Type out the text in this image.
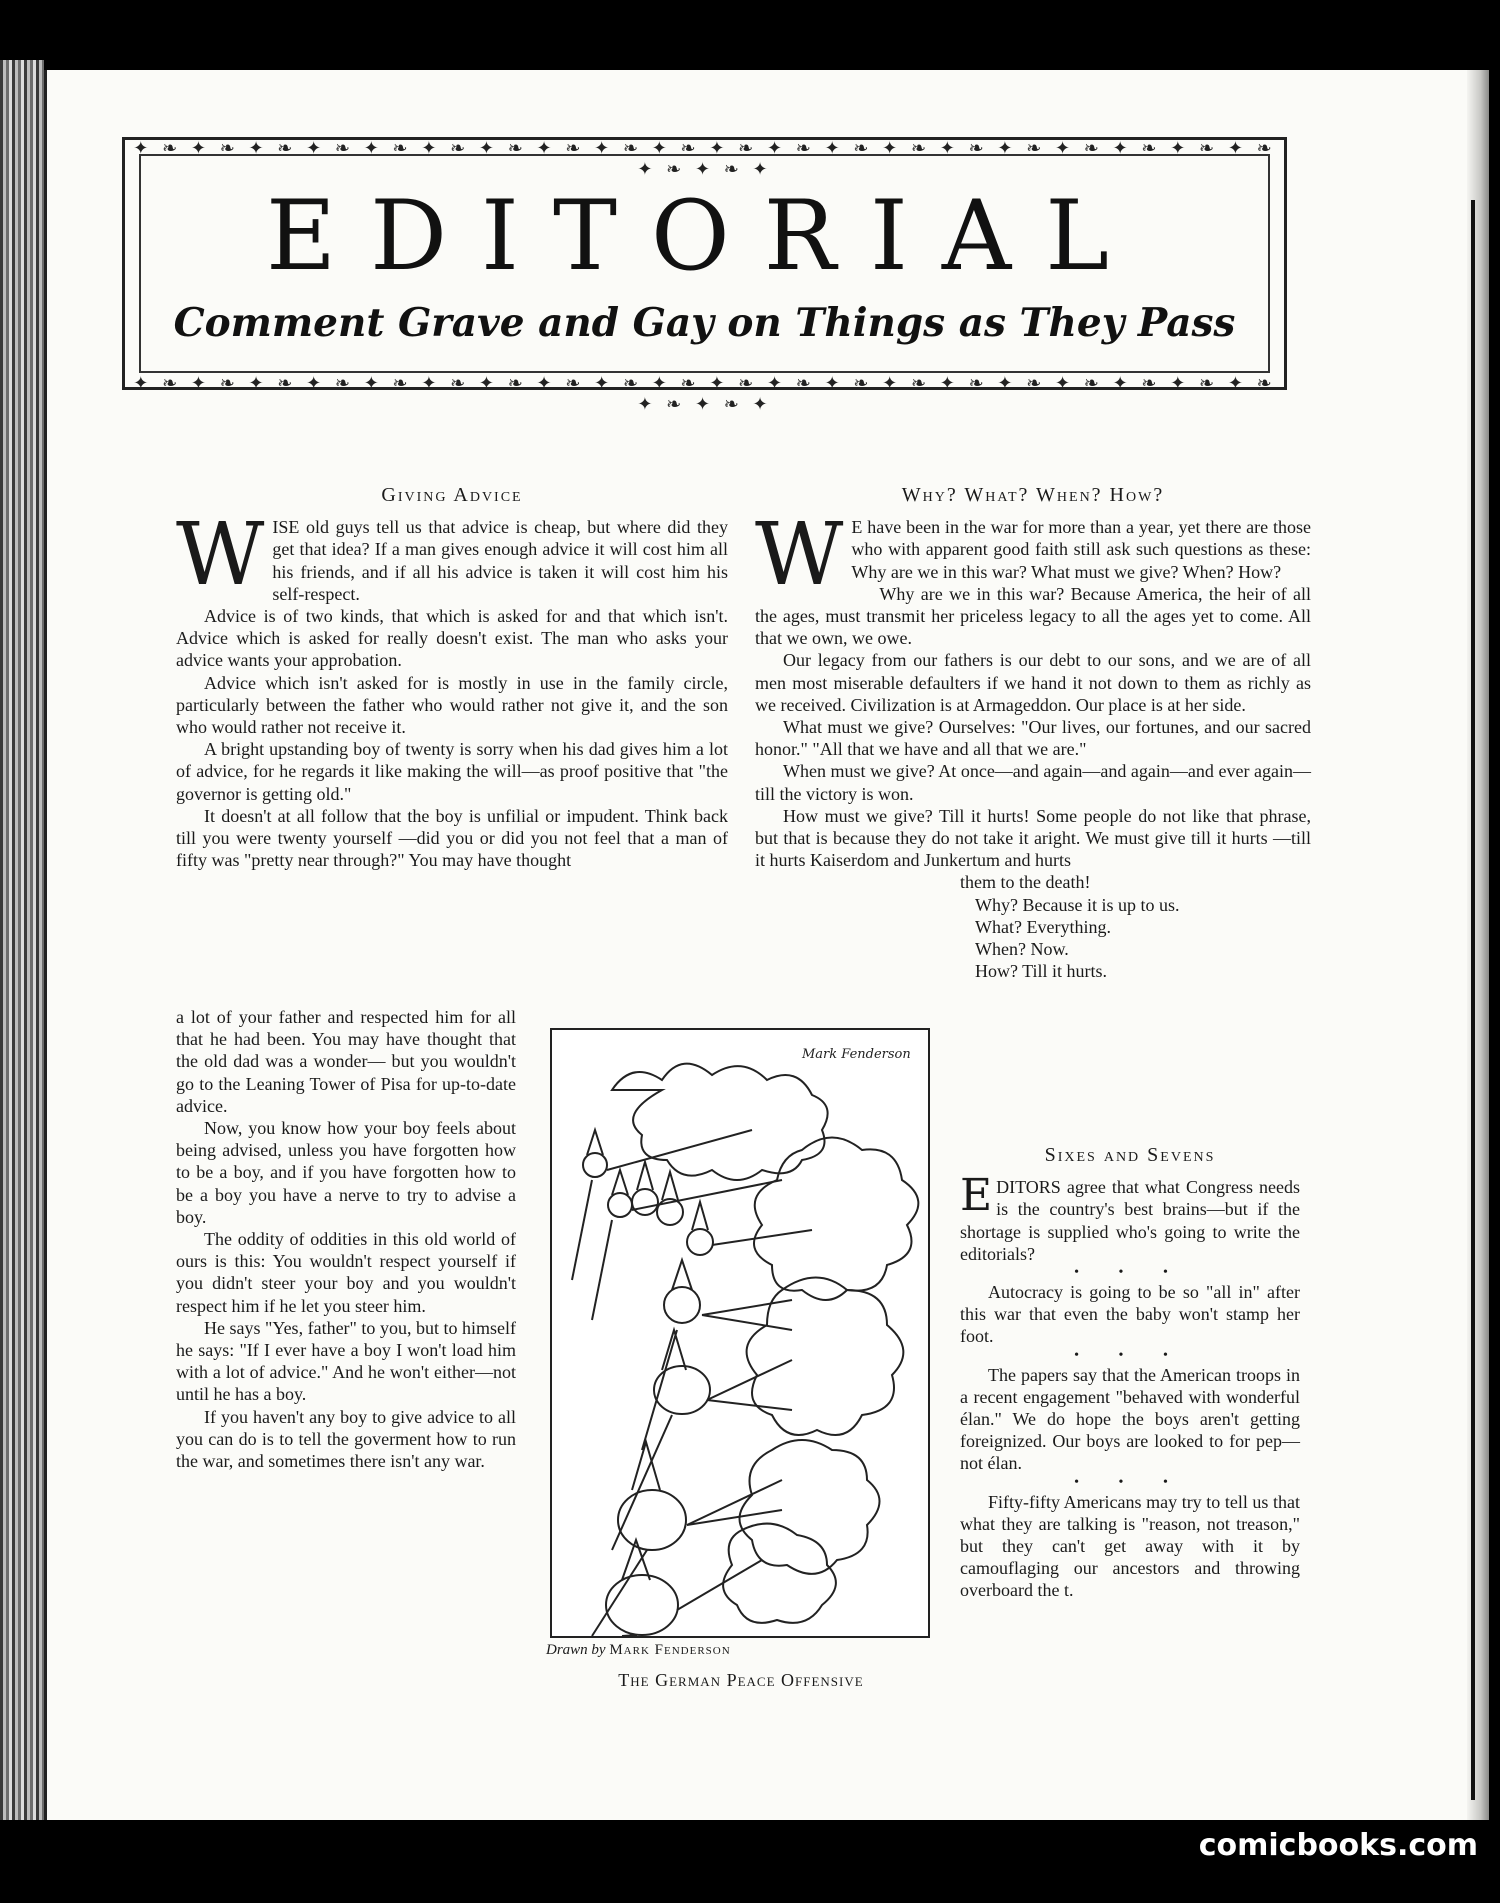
✦ ❧ ✦ ❧ ✦ ❧ ✦ ❧ ✦ ❧ ✦ ❧ ✦ ❧ ✦ ❧ ✦ ❧ ✦ ❧ ✦ ❧ ✦ ❧ ✦ ❧ ✦ ❧ ✦ ❧ ✦ ❧ ✦ ❧ ✦ ❧ ✦ ❧ ✦ ❧ ✦ ❧ ✦ ❧ ✦
✦ ❧ ✦ ❧ ✦ ❧ ✦ ❧ ✦ ❧ ✦ ❧ ✦ ❧ ✦ ❧ ✦ ❧ ✦ ❧ ✦ ❧ ✦ ❧ ✦ ❧ ✦ ❧ ✦ ❧ ✦ ❧ ✦ ❧ ✦ ❧ ✦ ❧ ✦ ❧ ✦ ❧ ✦ ❧ ✦
EDITORIAL
Comment Grave and Gay on Things as They Pass
Giving Advice

WISE old guys tell us that advice is cheap, but where did they get that idea? If a man gives enough advice it will cost him all his friends, and if all his advice is taken it will cost him his self-respect.

Advice is of two kinds, that which is asked for and that which isn't. Advice which is asked for really doesn't exist. The man who asks your advice wants your approbation.

Advice which isn't asked for is mostly in use in the family circle, particularly between the father who would rather not give it, and the son who would rather not receive it.

A bright upstanding boy of twenty is sorry when his dad gives him a lot of advice, for he regards it like making the will—as proof positive that "the governor is getting old."

It doesn't at all follow that the boy is unfilial or impudent. Think back till you were twenty yourself —did you or did you not feel that a man of fifty was "pretty near through?" You may have thought

a lot of your father and respected him for all that he had been. You may have thought that the old dad was a wonder— but you wouldn't go to the Leaning Tower of Pisa for up-to-date advice.

Now, you know how your boy feels about being advised, unless you have forgotten how to be a boy, and if you have forgotten how to be a boy you have a nerve to try to advise a boy.

The oddity of oddities in this old world of ours is this: You wouldn't respect yourself if you didn't steer your boy and you wouldn't respect him if he let you steer him.

He says "Yes, father" to you, but to himself he says: "If I ever have a boy I won't load him with a lot of advice." And he won't either—not until he has a boy.

If you haven't any boy to give advice to all you can do is to tell the goverment how to run the war, and sometimes there isn't any war.

Why? What? When? How?

W E have been in the war for more than a year, yet there are those who with apparent good faith still ask such questions as these: Why are we in this war? What must we give? When? How?

Why are we in this war? Because America, the heir of all the ages, must transmit her priceless legacy to all the ages yet to come. All that we own, we owe.

Our legacy from our fathers is our debt to our sons, and we are of all men most miserable defaulters if we hand it not down to them as richly as we received. Civilization is at Armageddon. Our place is at her side.

What must we give? Ourselves: "Our lives, our fortunes, and our sacred honor." "All that we have and all that we are."

When must we give? At once—and again—and again—and ever again—till the victory is won.

How must we give? Till it hurts! Some people do not like that phrase, but that is because they do not take it aright. We must give till it hurts —till it hurts Kaiserdom and Junkertum and hurts

them to the death!

Why? Because it is up to us.

What? Everything.

When? Now.

How? Till it hurts.

Sixes and Sevens

EDITORS agree that what Congress needs is the country's best brains—but if the shortage is supplied who's going to write the editorials?

• • •

Autocracy is going to be so "all in" after this war that even the baby won't stamp her foot.

• • •

The papers say that the American troops in a recent engagement "behaved with wonderful élan." We do hope the boys aren't getting foreignized. Our boys are looked to for pep—not élan.

• • •

Fifty-fifty Americans may try to tell us that what they are talking is "reason, not treason," but they can't get away with it by camouflaging our ancestors and throwing overboard the t.

Mark Fenderson
Drawn by Mark Fenderson
The German Peace Offensive
comicbooks.com
